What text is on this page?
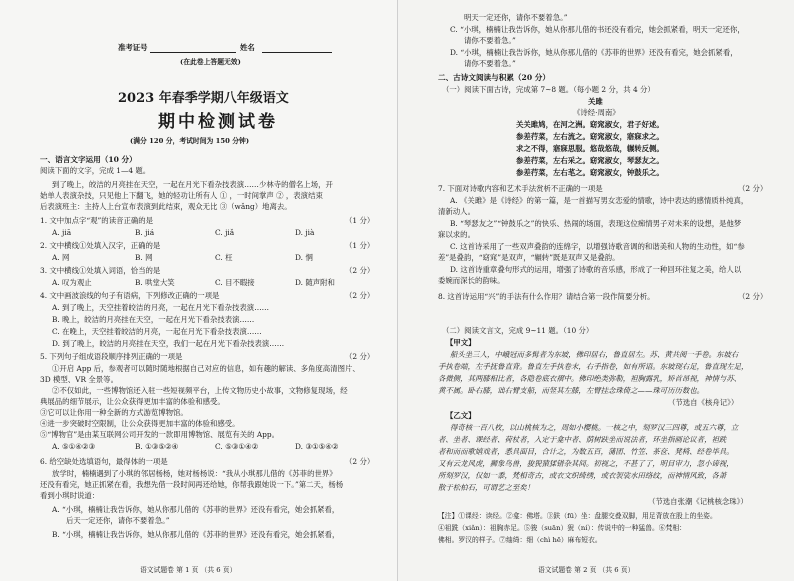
准考证号	姓名
(在此卷上答题无效)
2023 年春季学期八年级语文
期中检测试卷
(满分 120 分，考试时间为 150 分钟)
一、语言文字运用（10 分）
阅读下面的文字，完成 1—4 题。
到了晚上，皎洁的月亮挂在天空，一起在月光下看杂技表演……少林寺的僧名上场，开
始单人表演杂技，只见他上下翻飞，她的轻功让所有人 ① ，一时间掌声 ② ，表演结束
后表演班主：主持人上台宣布表演到此结束，观众无比 ③（wǎng）地离去。
1. 文中加点字“观”的读音正确的是	（1 分）
A. jiā	B. jiá	C. jiǎ	D. jià
2. 文中横线①处填入汉字，正确的是	（1 分）
A. 网	B. 网	C. 枉	D. 惘
3. 文中横线①处填入词语，恰当的是	（2 分）
A. 叹为观止	B. 哄堂大笑	C. 目不暇接	D. 随声附和
4. 文中画波浪线的句子有语病，下列修改正确的一项是	（2 分）
A. 到了晚上，天空挂着皎洁的月亮，一起在月光下看杂技表演……
B. 晚上，皎洁的月亮挂在天空，一起在月光下看杂技表演……
C. 在晚上，天空挂着皎洁的月亮，一起在月光下看杂技表演……
D. 到了晚上，皎洁的月亮挂在天空，我们一起在月光下看杂技表演……
5. 下列句子组成语段顺序排列正确的一项是	（2 分）
①开启 App 后，参观者可以随时随地根据自己对应的信息，如有趣的解读、多角度高清图片、
3D 模型、VR 全景等。
②不仅如此，一些博物馆还入驻一些短视频平台，上传文物历史小故事，文物修复现场，经
典展品的细节展示，让公众获得更加丰富的体验和感受。
③它可以让你用一种全新的方式游览博物馆。
④进一步突破时空限制，让公众获得更加丰富的体验和感受。
⑤“博物官”是由某互联网公司开发的一款即用博物馆、展览有关的 App。
A. ⑤①④②③	B. ①③⑤②④	C. ⑤③①④②	D. ③①⑤④②
6. 给空缺处选填语句，最得体的一项是	（2 分）
放学时，楠楠遇到了小琪的邻居杨杨，她对杨杨说：“我从小琪那儿借的《苏菲的世界》
还没有看完，她正抓紧在看，我想先借一段时间再还给她，你帮我跟她说一下。”第二天，杨杨
看到小琪时说道：
A. “小琪，楠楠让我告诉你，她从你那儿借的《苏菲的世界》还没有看完，她会抓紧看，
后天一定还你，请你不要着急。”
B. “小琪，楠楠让我告诉你，她从你那儿借的《苏菲的世界》还没有看完，她会抓紧看，
语文试题卷 第 1 页 （共 6 页）
明天一定还你，请你不要着急。”
C. “小琪，楠楠让我告诉你，她从你那儿借的书还没有看完，她会抓紧看，明天一定还你，
请你不要着急。”
D. “小琪，楠楠让我告诉你，她从你那儿借的《苏菲的世界》还没有看完，她会抓紧看，
请你不要着急。”
二、古诗文阅读与积累（20 分）
（一）阅读下面古诗，完成第 7~8 题。（每小题 2 分，共 4 分）
关雎
《诗经·周南》
关关雎鸠，在河之洲。窈窕淑女，君子好逑。
参差荇菜，左右流之。窈窕淑女，寤寐求之。
求之不得，寤寐思服。悠哉悠哉，辗转反侧。
参差荇菜，左右采之。窈窕淑女，琴瑟友之。
参差荇菜，左右芼之。窈窕淑女，钟鼓乐之。
7. 下面对诗歌内容和艺术手法赏析不正确的一项是	（2 分）
A. 《关雎》是《诗经》的第一篇，是一首描写男女恋爱的情歌，诗中表达的感情质朴纯真，
清新动人。
B. “琴瑟友之”“钟鼓乐之”的快乐、热闹的场面，表现这位痴情男子对未来的设想，是他梦
寐以求的。
C. 这首诗采用了一些双声叠韵的连绵字，以增强诗歌音调的和谐美和人物的生动性，如“参
差”是叠韵，“窈窕”是双声，“辗转”既是双声又是叠韵。
D. 这首诗重章叠句形式的运用，增强了诗歌的音乐感，形成了一种回环往复之美，给人以
委婉而深长的韵味。
8. 这首诗运用“兴”的手法有什么作用？请结合第一段作简要分析。	（2 分）
（二）阅读文言文，完成 9~11 题。（10 分）
【甲文】
船头坐三人，中峨冠而多髯者为东坡，佛印居右，鲁直居左。苏、黄共阅一手卷。东坡右
手执卷端，左手抚鲁直背。鲁直左手执卷末，右手指卷，如有所语。东坡现右足，鲁直现左足，
各微侧，其两膝相比者，各隐卷底衣褶中。佛印绝类弥勒，袒胸露乳，矫首昂视，神情与苏、
黄不属。卧右膝，诎右臂支船，而竖其左膝，左臂挂念珠倚之——珠可历历数也。
（节选自《核舟记》）
【乙文】
得奇核一百八枚，以山桃核为之，周如小樱桃。一核之中，刻罗汉三四尊，或五六尊，立
者、坐者、课经者、荷杖者，入定于龛中者、荫树趺坐而说法者，环坐指画论议者，袒跣
者和而而歌嬉戏者，悉具面目，合计之，为数五百，蒲团、竹笠、茶奁、凳椅、经卷毕具。
又有云龙风虎，狮象鸟兽，狻猊猿猱错杂其间。初视之，不甚了了，明目审力，忽小谛视，
所刻罗汉，仅如一黍，梵相奇古，或衣文织绮绣，或衣袈裟水田络纹，而神情风致，各萧
散于松柏石，可谓艺之至矣！
（节选自张潮《记桃核念珠》）
【注】①课经：读经。②龛：佛塔。③趺（fū）坐：盘腿交叠双脚，用足背放在股上的坐姿。
④祖跣（xiǎn）：祖胸赤足。⑤狻（suān）猊（ní）：传说中的一种猛兽。⑥梵相：
佛相。罗汉的样子。⑦䌷绮：细（chì hē）麻布短衣。
语文试题卷 第 2 页 （共 6 页）
